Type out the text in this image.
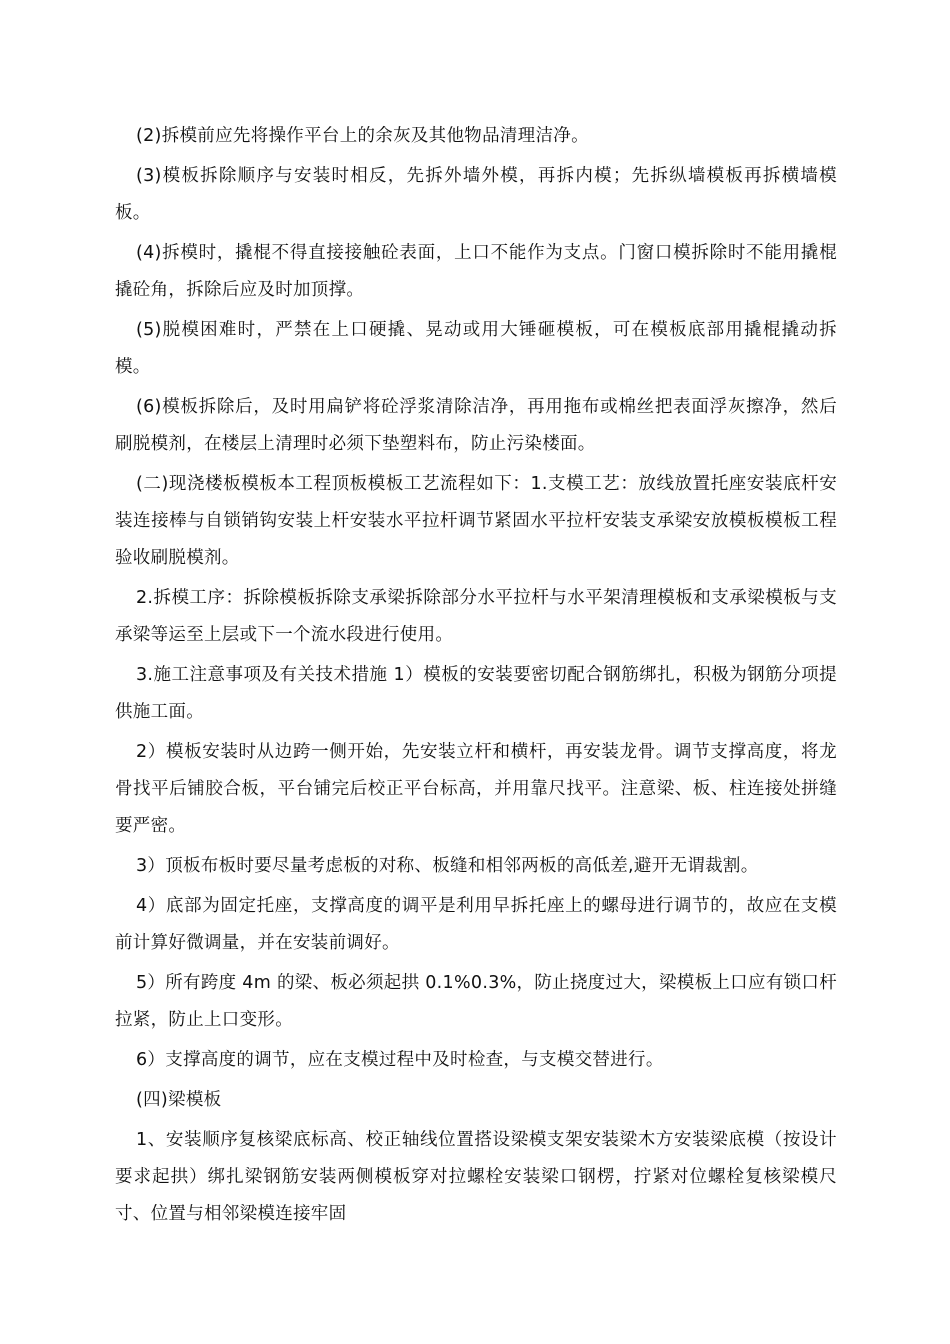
(2)拆模前应先将操作平台上的余灰及其他物品清理洁净。

(3)模板拆除顺序与安装时相反，先拆外墙外模，再拆内模；先拆纵墙模板再拆横墙模板。

(4)拆模时，撬棍不得直接接触砼表面，上口不能作为支点。门窗口模拆除时不能用撬棍撬砼角，拆除后应及时加顶撑。

(5)脱模困难时，严禁在上口硬撬、晃动或用大锤砸模板，可在模板底部用撬棍撬动拆模。

(6)模板拆除后，及时用扁铲将砼浮浆清除洁净，再用拖布或棉丝把表面浮灰擦净，然后刷脱模剂，在楼层上清理时必须下垫塑料布，防止污染楼面。

(二)现浇楼板模板本工程顶板模板工艺流程如下：1.支模工艺：放线放置托座安装底杆安装连接棒与自锁销钩安装上杆安装水平拉杆调节紧固水平拉杆安装支承梁安放模板模板工程验收刷脱模剂。

2.拆模工序：拆除模板拆除支承梁拆除部分水平拉杆与水平架清理模板和支承梁模板与支承梁等运至上层或下一个流水段进行使用。

3.施工注意事项及有关技术措施 1）模板的安装要密切配合钢筋绑扎，积极为钢筋分项提供施工面。

2）模板安装时从边跨一侧开始，先安装立杆和横杆，再安装龙骨。调节支撑高度，将龙骨找平后铺胶合板，平台铺完后校正平台标高，并用靠尺找平。注意梁、板、柱连接处拼缝要严密。

3）顶板布板时要尽量考虑板的对称、板缝和相邻两板的高低差,避开无谓裁割。

4）底部为固定托座，支撑高度的调平是利用早拆托座上的螺母进行调节的，故应在支模前计算好微调量，并在安装前调好。

5）所有跨度 4m 的梁、板必须起拱 0.1%0.3%，防止挠度过大，梁模板上口应有锁口杆拉紧，防止上口变形。

6）支撑高度的调节，应在支模过程中及时检查，与支模交替进行。

(四)梁模板

1、安装顺序复核梁底标高、校正轴线位置搭设梁模支架安装梁木方安装梁底模（按设计要求起拱）绑扎梁钢筋安装两侧模板穿对拉螺栓安装梁口钢楞，拧紧对位螺栓复核梁模尺寸、位置与相邻梁模连接牢固
